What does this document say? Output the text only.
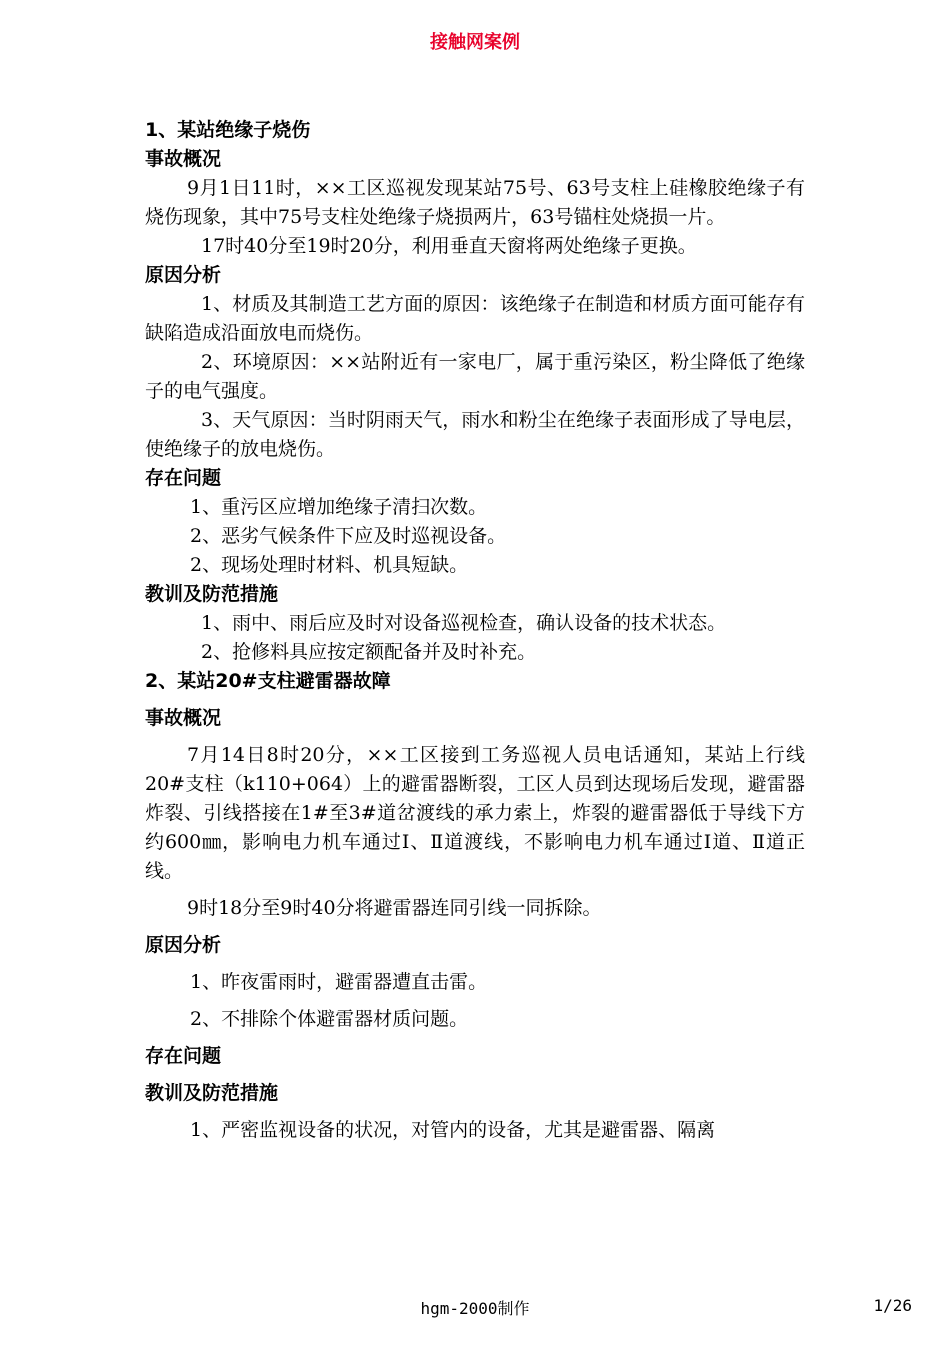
接触网案例
1、某站绝缘子烧伤
事故概况
9月1日11时，××工区巡视发现某站75号、63号支柱上硅橡胶绝缘子有烧伤现象，其中75号支柱处绝缘子烧损两片，63号锚柱处烧损一片。
17时40分至19时20分，利用垂直天窗将两处绝缘子更换。
原因分析
1、材质及其制造工艺方面的原因：该绝缘子在制造和材质方面可能存有缺陷造成沿面放电而烧伤。
2、环境原因：××站附近有一家电厂，属于重污染区，粉尘降低了绝缘子的电气强度。
3、天气原因：当时阴雨天气，雨水和粉尘在绝缘子表面形成了导电层，使绝缘子的放电烧伤。
存在问题
1、重污区应增加绝缘子清扫次数。
2、恶劣气候条件下应及时巡视设备。
2、现场处理时材料、机具短缺。
教训及防范措施
1、雨中、雨后应及时对设备巡视检查，确认设备的技术状态。
2、抢修料具应按定额配备并及时补充。
2、某站20#支柱避雷器故障
事故概况
7月14日8时20分，××工区接到工务巡视人员电话通知，某站上行线20#支柱（k110+064）上的避雷器断裂，工区人员到达现场后发现，避雷器炸裂、引线搭接在1#至3#道岔渡线的承力索上，炸裂的避雷器低于导线下方约600㎜，影响电力机车通过Ⅰ、Ⅱ道渡线，不影响电力机车通过Ⅰ道、Ⅱ道正线。
9时18分至9时40分将避雷器连同引线一同拆除。
原因分析
1、昨夜雷雨时，避雷器遭直击雷。
2、不排除个体避雷器材质问题。
存在问题
教训及防范措施
1、严密监视设备的状况，对管内的设备，尤其是避雷器、隔离
hgm-2000制作	1/26
